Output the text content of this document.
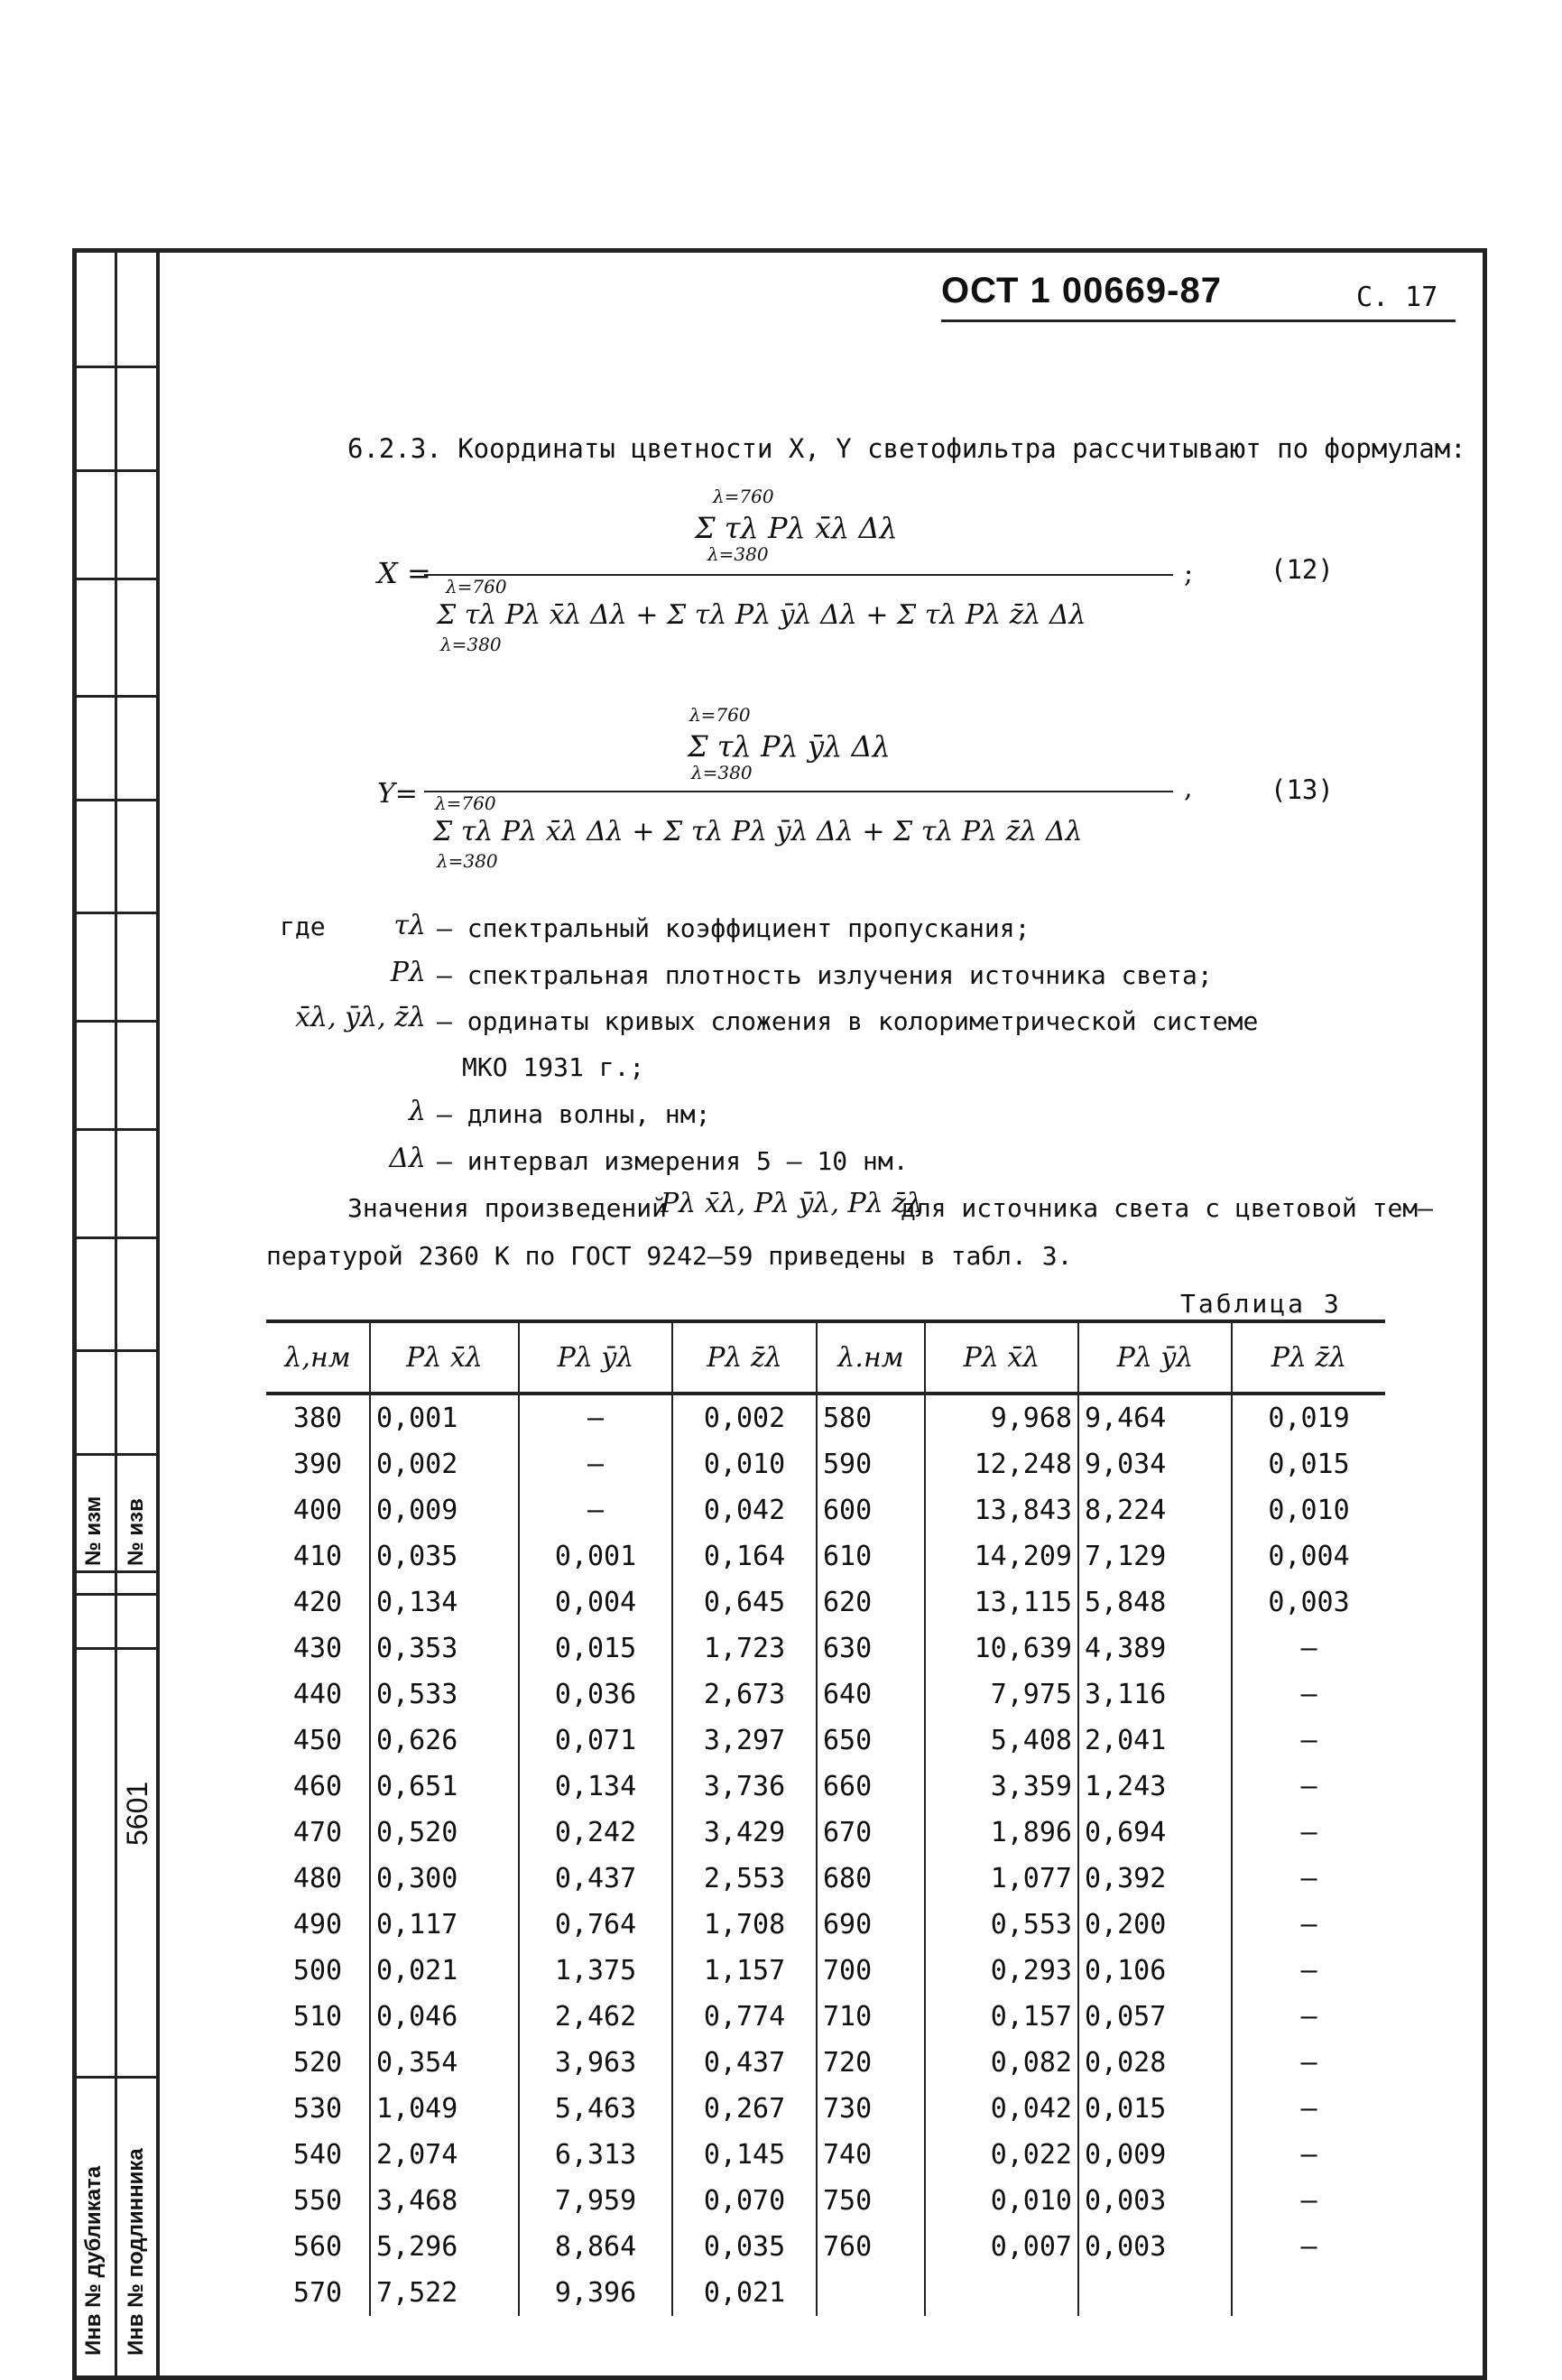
№ изм № изв
5601
Инв № дубликата Инв № подлинника
ОСТ 1 00669-87	С. 17
6.2.3. Координаты цветности X, Y светофильтра рассчитывают по формулам:
X =
λ=760
Σ τλ Pλ x̄λ Δλ
λ=380
;
λ=760
Σ τλ Pλ x̄λ Δλ + Σ τλ Pλ ȳλ Δλ + Σ τλ Pλ z̄λ Δλ
λ=380
(12)
Y=
λ=760
Σ τλ Pλ ȳλ Δλ
λ=380	,
λ=760
Σ τλ Pλ x̄λ Δλ + Σ τλ Pλ ȳλ Δλ + Σ τλ Pλ z̄λ Δλ
λ=380
(13)
где	τλ – спектральный коэффициент пропускания;
Pλ – спектральная плотность излучения источника света;
x̄λ, ȳλ, z̄λ – ординаты кривых сложения в колориметрической системе
МКО 1931 г.;
λ – длина волны, нм;
Δλ – интервал измерения 5 – 10 нм.
Значения произведений
Pλ x̄λ, Pλ ȳλ, Pλ z̄λ
для источника света с цветовой тем–
пературой 2360 К по ГОСТ 9242–59 приведены в табл. 3.
Таблица 3
λ,нм	Pλ x̄λ	Pλ ȳλ	Pλ z̄λ	λ.нм	Pλ x̄λ	Pλ ȳλ	Pλ z̄λ
380	0,001	–	0,002	580	9,968	9,464	0,019
390	0,002	–	0,010	590	12,248	9,034	0,015
400	0,009	–	0,042	600	13,843	8,224	0,010
410	0,035	0,001	0,164	610	14,209	7,129	0,004
420	0,134	0,004	0,645	620	13,115	5,848	0,003
430	0,353	0,015	1,723	630	10,639	4,389	–
440	0,533	0,036	2,673	640	7,975	3,116	–
450	0,626	0,071	3,297	650	5,408	2,041	–
460	0,651	0,134	3,736	660	3,359	1,243	–
470	0,520	0,242	3,429	670	1,896	0,694	–
480	0,300	0,437	2,553	680	1,077	0,392	–
490	0,117	0,764	1,708	690	0,553	0,200	–
500	0,021	1,375	1,157	700	0,293	0,106	–
510	0,046	2,462	0,774	710	0,157	0,057	–
520	0,354	3,963	0,437	720	0,082	0,028	–
530	1,049	5,463	0,267	730	0,042	0,015	–
540	2,074	6,313	0,145	740	0,022	0,009	–
550	3,468	7,959	0,070	750	0,010	0,003	–
560	5,296	8,864	0,035	760	0,007	0,003	–
570	7,522	9,396	0,021				
